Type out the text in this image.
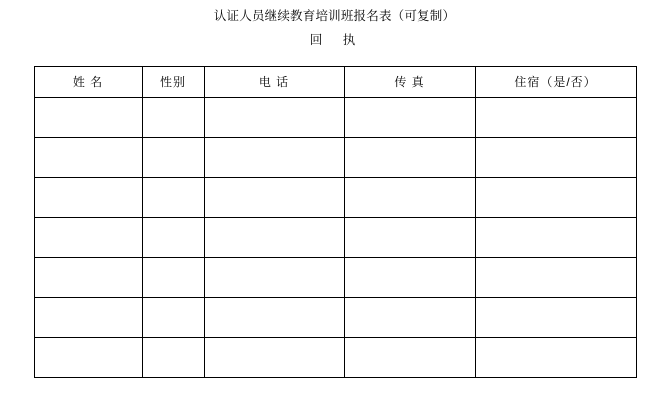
认证人员继续教育培训班报名表（可复制）
回　执
姓 名	性别	电 话	传 真	住宿（是/否）
